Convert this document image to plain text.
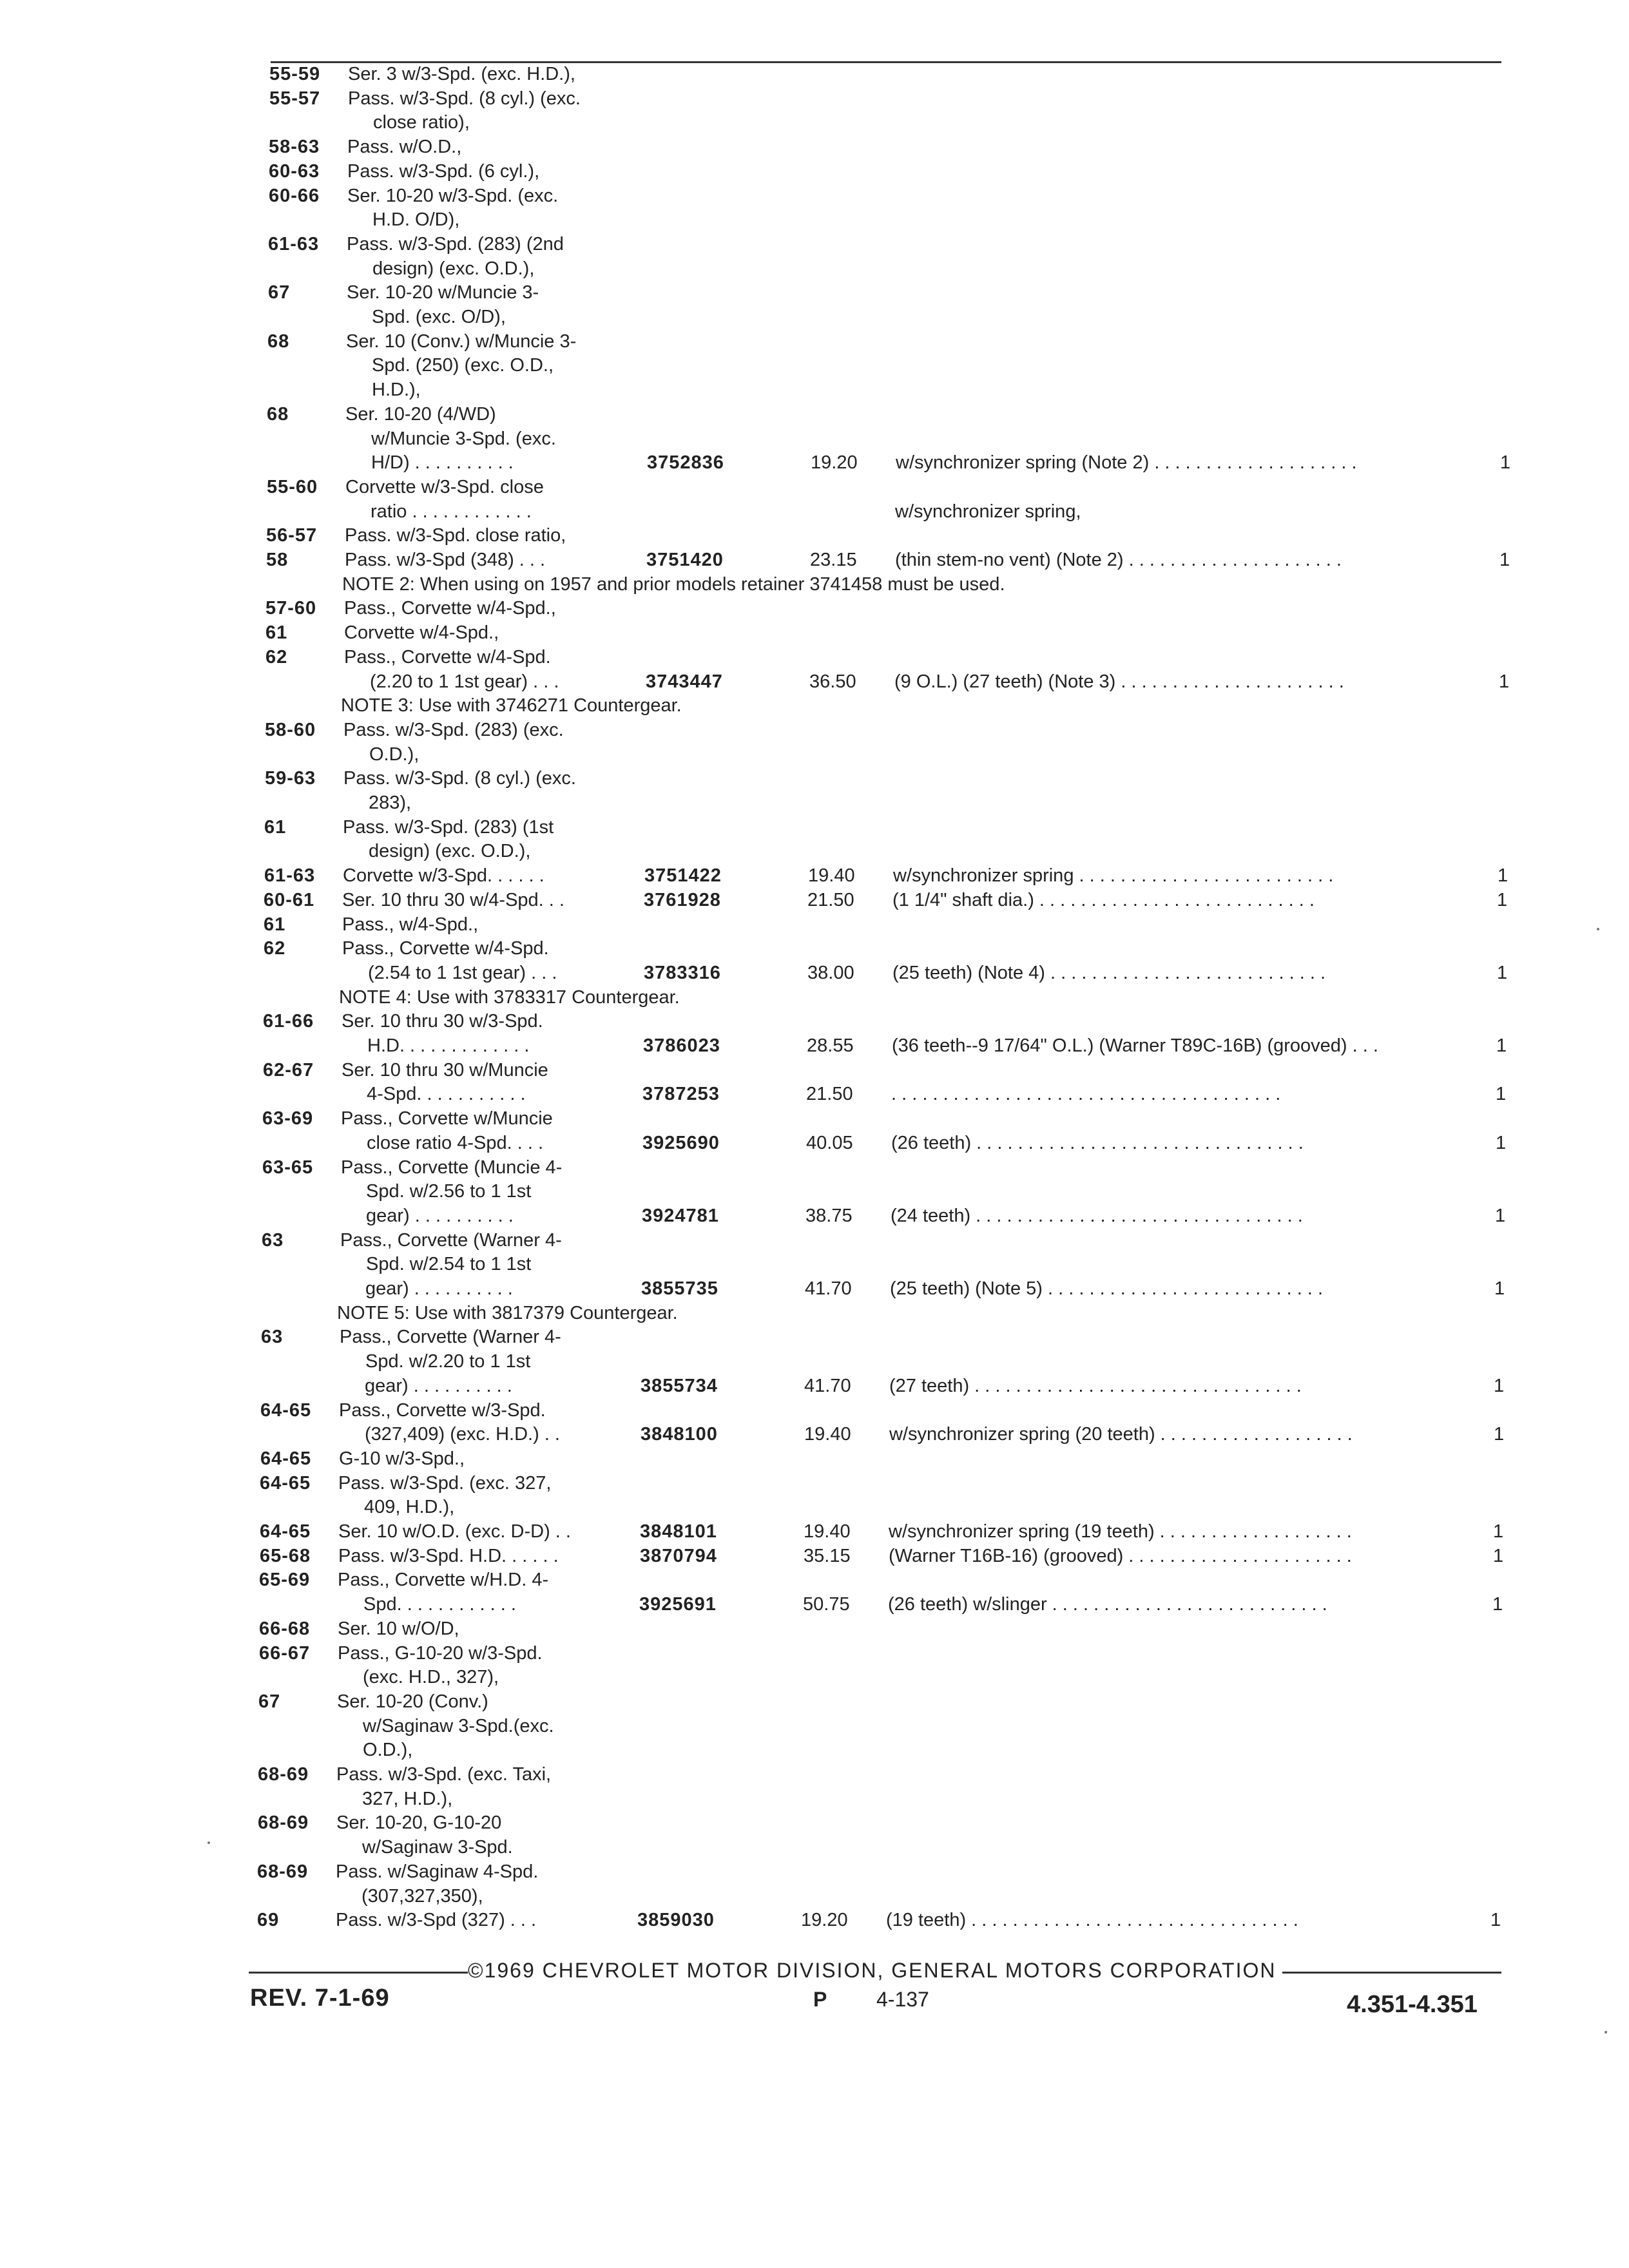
55-59 Ser. 3 w/3-Spd. (exc. H.D.),
55-57 Pass. w/3-Spd. (8 cyl.) (exc.
close ratio),
58-63 Pass. w/O.D.,
60-63 Pass. w/3-Spd. (6 cyl.),
60-66 Ser. 10-20 w/3-Spd. (exc.
H.D. O/D),
61-63 Pass. w/3-Spd. (283) (2nd
design) (exc. O.D.),
67	Ser. 10-20 w/Muncie 3-
Spd. (exc. O/D),
68	Ser. 10 (Conv.) w/Muncie 3-
Spd. (250) (exc. O.D.,
H.D.),
68	Ser. 10-20 (4/WD)
w/Muncie 3-Spd. (exc.
H/D) . . . . . . . . . .	3752836	19.20 w/synchronizer spring (Note 2) . . . . . . . . . . . . . . . . . . . .	1
55-60 Corvette w/3-Spd. close
ratio . . . . . . . . . . . .	w/synchronizer spring,
56-57 Pass. w/3-Spd. close ratio,
58	Pass. w/3-Spd (348) . . .	3751420	23.15 (thin stem-no vent) (Note 2) . . . . . . . . . . . . . . . . . . . . .	1
NOTE 2: When using on 1957 and prior models retainer 3741458 must be used.
57-60 Pass., Corvette w/4-Spd.,
61	Corvette w/4-Spd.,
62	Pass., Corvette w/4-Spd.
(2.20 to 1 1st gear) . . .	3743447	36.50 (9 O.L.) (27 teeth) (Note 3) . . . . . . . . . . . . . . . . . . . . . .	1
NOTE 3: Use with 3746271 Countergear.
58-60 Pass. w/3-Spd. (283) (exc.
O.D.),
59-63 Pass. w/3-Spd. (8 cyl.) (exc.
283),
61	Pass. w/3-Spd. (283) (1st
design) (exc. O.D.),
61-63 Corvette w/3-Spd. . . . . .	3751422	19.40 w/synchronizer spring . . . . . . . . . . . . . . . . . . . . . . . . .	1
60-61 Ser. 10 thru 30 w/4-Spd. . .	3761928	21.50 (1 1/4" shaft dia.) . . . . . . . . . . . . . . . . . . . . . . . . . . .	1
61	Pass., w/4-Spd.,
62	Pass., Corvette w/4-Spd.
(2.54 to 1 1st gear) . . .	3783316	38.00 (25 teeth) (Note 4) . . . . . . . . . . . . . . . . . . . . . . . . . . .	1
NOTE 4: Use with 3783317 Countergear.
61-66 Ser. 10 thru 30 w/3-Spd.
H.D. . . . . . . . . . . . .	3786023	28.55 (36 teeth--9 17/64" O.L.) (Warner T89C-16B) (grooved) . . .	1
62-67 Ser. 10 thru 30 w/Muncie
4-Spd. . . . . . . . . . .	3787253	21.50 . . . . . . . . . . . . . . . . . . . . . . . . . . . . . . . . . . . . . .	1
63-69 Pass., Corvette w/Muncie
close ratio 4-Spd. . . .	3925690	40.05 (26 teeth) . . . . . . . . . . . . . . . . . . . . . . . . . . . . . . . .	1
63-65 Pass., Corvette (Muncie 4-
Spd. w/2.56 to 1 1st
gear) . . . . . . . . . .	3924781	38.75 (24 teeth) . . . . . . . . . . . . . . . . . . . . . . . . . . . . . . . .	1
63	Pass., Corvette (Warner 4-
Spd. w/2.54 to 1 1st
gear) . . . . . . . . . .	3855735	41.70 (25 teeth) (Note 5) . . . . . . . . . . . . . . . . . . . . . . . . . . .	1
NOTE 5: Use with 3817379 Countergear.
63	Pass., Corvette (Warner 4-
Spd. w/2.20 to 1 1st
gear) . . . . . . . . . .	3855734	41.70 (27 teeth) . . . . . . . . . . . . . . . . . . . . . . . . . . . . . . . .	1
64-65 Pass., Corvette w/3-Spd.
(327,409) (exc. H.D.) . .	3848100	19.40 w/synchronizer spring (20 teeth) . . . . . . . . . . . . . . . . . . .	1
64-65 G-10 w/3-Spd.,
64-65 Pass. w/3-Spd. (exc. 327,
409, H.D.),
64-65 Ser. 10 w/O.D. (exc. D-D) . .	3848101	19.40 w/synchronizer spring (19 teeth) . . . . . . . . . . . . . . . . . . .	1
65-68 Pass. w/3-Spd. H.D. . . . . .	3870794	35.15 (Warner T16B-16) (grooved) . . . . . . . . . . . . . . . . . . . . . .	1
65-69 Pass., Corvette w/H.D. 4-
Spd. . . . . . . . . . . .	3925691	50.75 (26 teeth) w/slinger . . . . . . . . . . . . . . . . . . . . . . . . . . .	1
66-68 Ser. 10 w/O/D,
66-67 Pass., G-10-20 w/3-Spd.
(exc. H.D., 327),
67	Ser. 10-20 (Conv.)
w/Saginaw 3-Spd.(exc.
O.D.),
68-69 Pass. w/3-Spd. (exc. Taxi,
327, H.D.),
68-69 Ser. 10-20, G-10-20
w/Saginaw 3-Spd.
68-69 Pass. w/Saginaw 4-Spd.
(307,327,350),
69	Pass. w/3-Spd (327) . . .	3859030	19.20 (19 teeth) . . . . . . . . . . . . . . . . . . . . . . . . . . . . . . . .	1
©1969 CHEVROLET MOTOR DIVISION, GENERAL MOTORS CORPORATION
REV. 7-1-69	P 4-137	4.351-4.351
